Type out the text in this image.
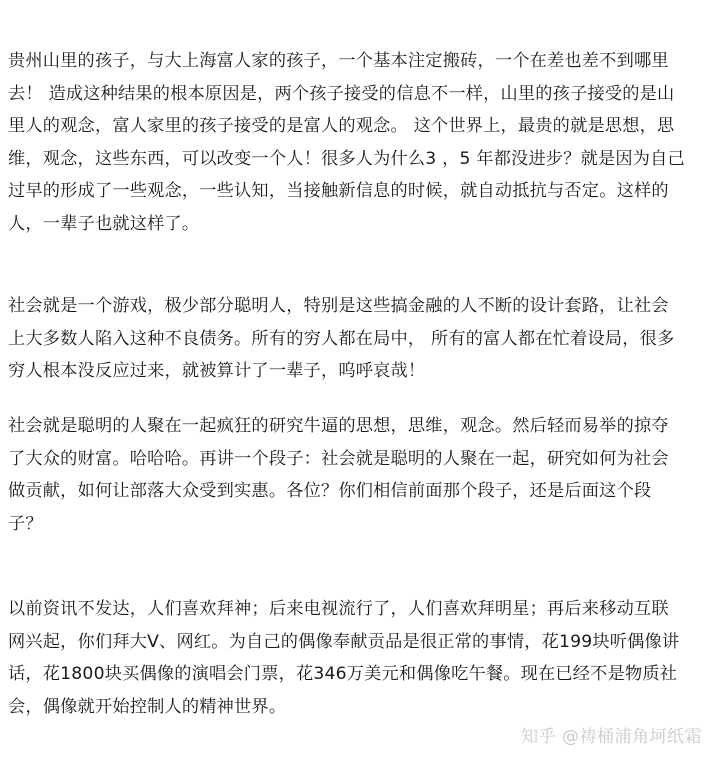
贵州山里的孩子，与大上海富人家的孩子，一个基本注定搬砖，一个在差也差不到哪里
去！ 造成这种结果的根本原因是，两个孩子接受的信息不一样，山里的孩子接受的是山
里人的观念，富人家里的孩子接受的是富人的观念。 这个世界上，最贵的就是思想，思
维，观念，这些东西，可以改变一个人！很多人为什么3 ，5 年都没进步？就是因为自己
过早的形成了一些观念，一些认知，当接触新信息的时候，就自动抵抗与否定。这样的
人，一辈子也就这样了。
社会就是一个游戏，极少部分聪明人，特别是这些搞金融的人不断的设计套路，让社会
上大多数人陷入这种不良债务。所有的穷人都在局中， 所有的富人都在忙着设局，很多
穷人根本没反应过来，就被算计了一辈子，呜呼哀哉！
社会就是聪明的人聚在一起疯狂的研究牛逼的思想，思维，观念。然后轻而易举的掠夺
了大众的财富。哈哈哈。再讲一个段子：社会就是聪明的人聚在一起，研究如何为社会
做贡献，如何让部落大众受到实惠。各位？你们相信前面那个段子，还是后面这个段
子？
以前资讯不发达，人们喜欢拜神；后来电视流行了，人们喜欢拜明星；再后来移动互联
网兴起，你们拜大V、网红。为自己的偶像奉献贡品是很正常的事情，花199块听偶像讲
话，花1800块买偶像的演唱会门票，花346万美元和偶像吃午餐。现在已经不是物质社
会，偶像就开始控制人的精神世界。
知乎 @祷桶浦角坷纸霜
